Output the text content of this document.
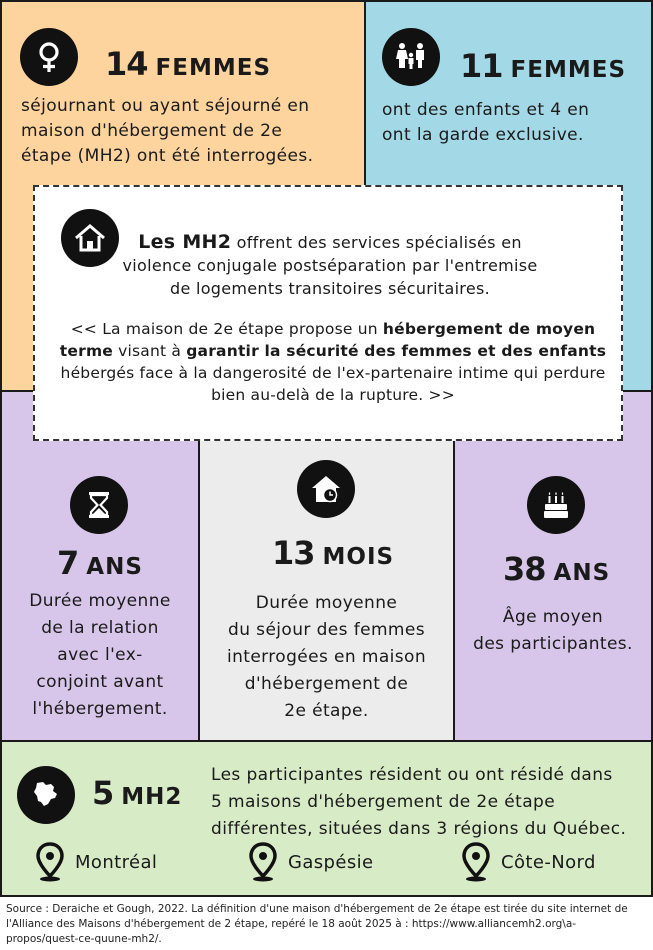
14 FEMMES
séjournant ou ayant séjourné en
maison d'hébergement de 2e
étape (MH2) ont été interrogées.
11 FEMMES
ont des enfants et 4 en
ont la garde exclusive.
7 ANS
Durée moyenne
de la relation
avec l'ex-
conjoint avant
l'hébergement.
13 MOIS
Durée moyenne
du séjour des femmes
interrogées en maison
d'hébergement de
2e étape.
38 ANS
Âge moyen
des participantes.
Les MH2 offrent des services spécialisés en
violence conjugale postséparation par l'entremise
de logements transitoires sécuritaires.
<< La maison de 2e étape propose un hébergement de moyen terme visant à garantir la sécurité des femmes et des enfants hébergés face à la dangerosité de l'ex-partenaire intime qui perdure bien au-delà de la rupture. >>
5 MH2
Les participantes résident ou ont résidé dans
5 maisons d'hébergement de 2e étape
différentes, situées dans 3 régions du Québec.
Montréal	Gaspésie	Côte-Nord
Source : Deraiche et Gough, 2022. La définition d'une maison d'hébergement de 2e étape est tirée du site internet de l'Alliance des Maisons d'hébergement de 2 étape, repéré le 18 août 2025 à : https://www.alliancemh2.org\a-propos/quest-ce-quune-mh2/.
